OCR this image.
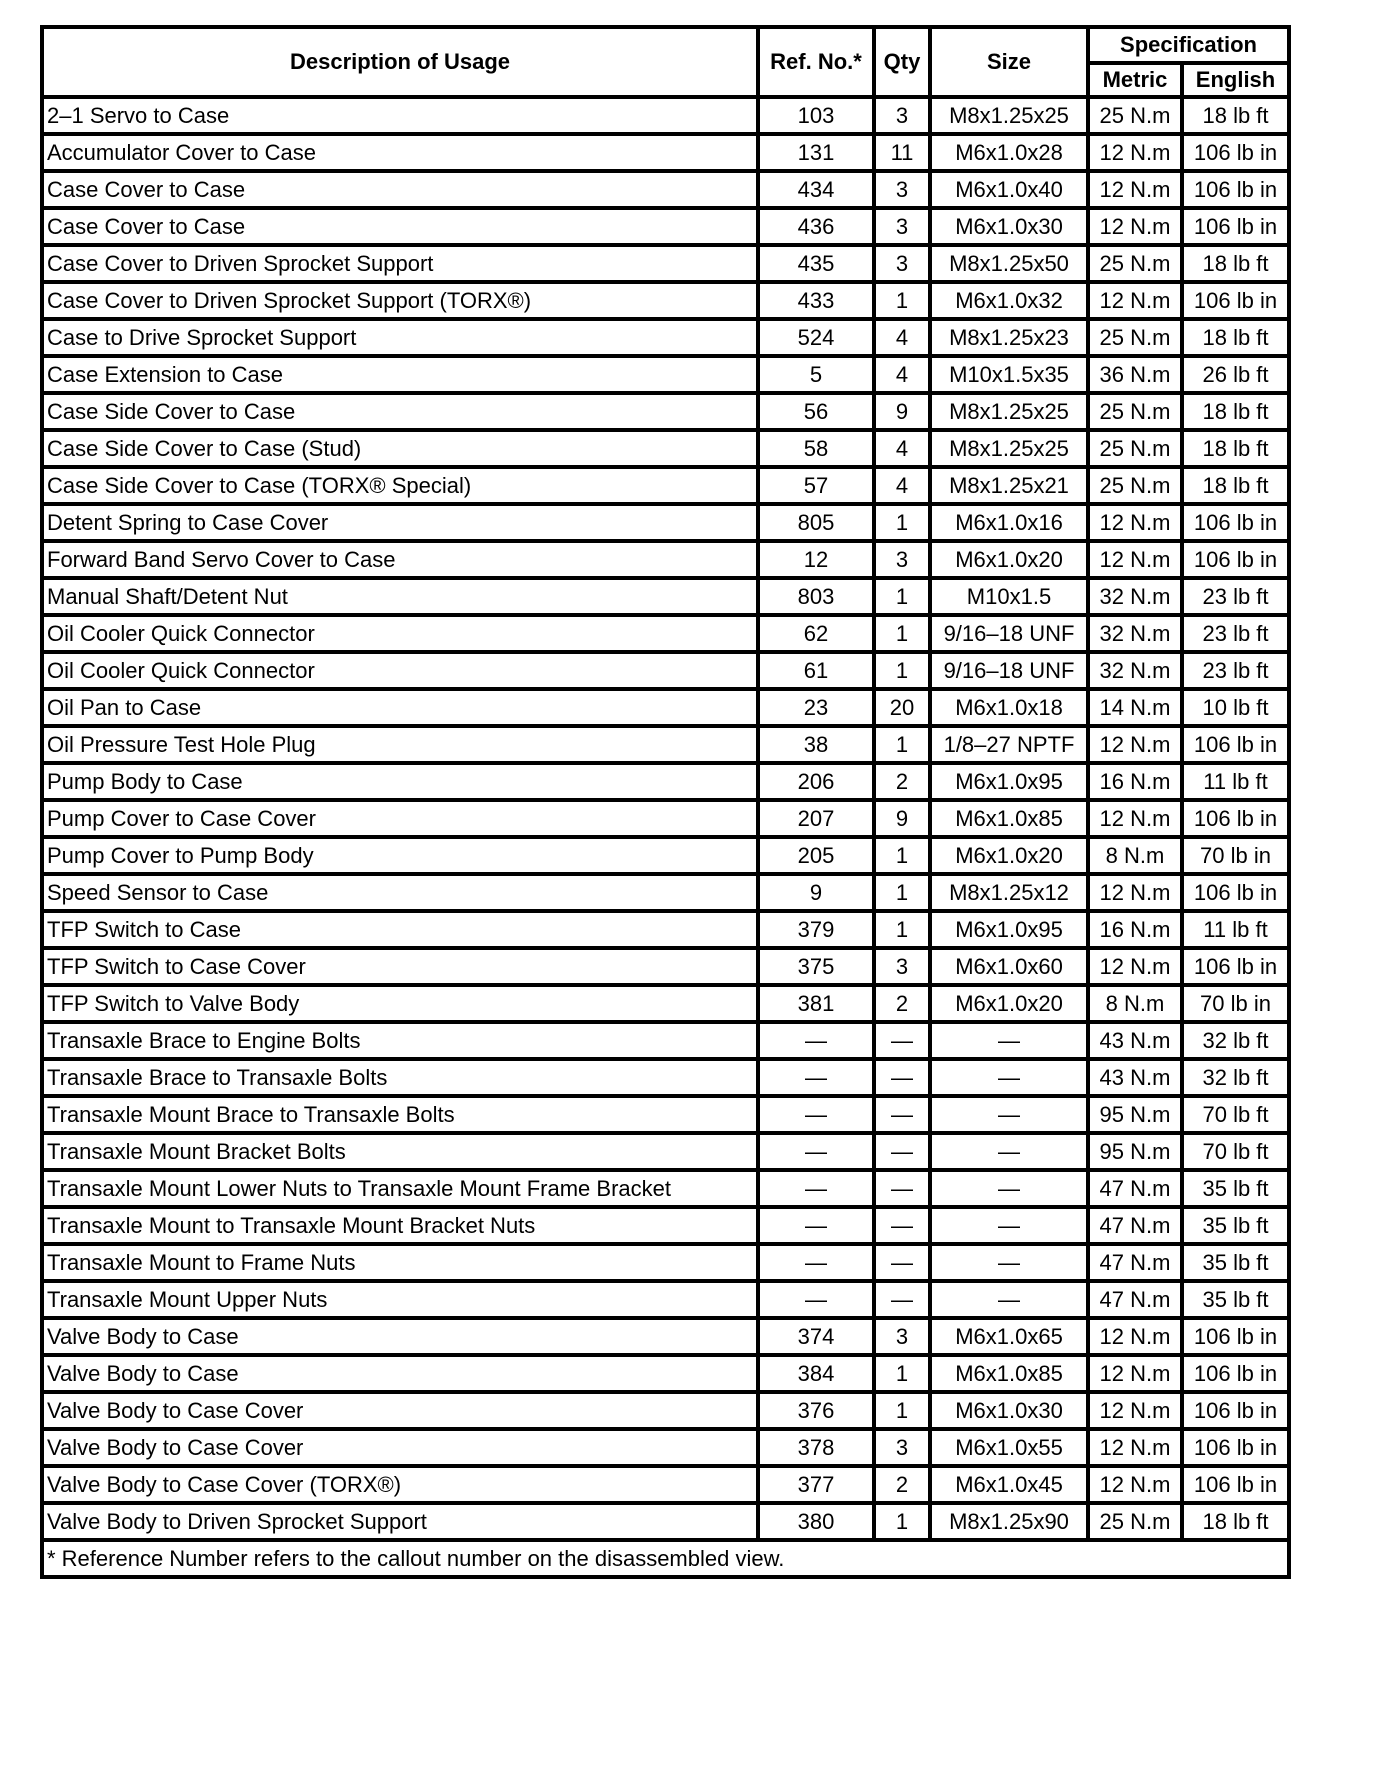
Description of Usage	Ref. No.*	Qty	Size	Specification	
				Metric	English
2–1 Servo to Case	103	3	M8x1.25x25	25 N.m	18 lb ft
Accumulator Cover to Case	131	11	M6x1.0x28	12 N.m	106 lb in
Case Cover to Case	434	3	M6x1.0x40	12 N.m	106 lb in
Case Cover to Case	436	3	M6x1.0x30	12 N.m	106 lb in
Case Cover to Driven Sprocket Support	435	3	M8x1.25x50	25 N.m	18 lb ft
Case Cover to Driven Sprocket Support (TORX®)	433	1	M6x1.0x32	12 N.m	106 lb in
Case to Drive Sprocket Support	524	4	M8x1.25x23	25 N.m	18 lb ft
Case Extension to Case	5	4	M10x1.5x35	36 N.m	26 lb ft
Case Side Cover to Case	56	9	M8x1.25x25	25 N.m	18 lb ft
Case Side Cover to Case (Stud)	58	4	M8x1.25x25	25 N.m	18 lb ft
Case Side Cover to Case (TORX® Special)	57	4	M8x1.25x21	25 N.m	18 lb ft
Detent Spring to Case Cover	805	1	M6x1.0x16	12 N.m	106 lb in
Forward Band Servo Cover to Case	12	3	M6x1.0x20	12 N.m	106 lb in
Manual Shaft/Detent Nut	803	1	M10x1.5	32 N.m	23 lb ft
Oil Cooler Quick Connector	62	1	9/16–18 UNF	32 N.m	23 lb ft
Oil Cooler Quick Connector	61	1	9/16–18 UNF	32 N.m	23 lb ft
Oil Pan to Case	23	20	M6x1.0x18	14 N.m	10 lb ft
Oil Pressure Test Hole Plug	38	1	1/8–27 NPTF	12 N.m	106 lb in
Pump Body to Case	206	2	M6x1.0x95	16 N.m	11 lb ft
Pump Cover to Case Cover	207	9	M6x1.0x85	12 N.m	106 lb in
Pump Cover to Pump Body	205	1	M6x1.0x20	8 N.m	70 lb in
Speed Sensor to Case	9	1	M8x1.25x12	12 N.m	106 lb in
TFP Switch to Case	379	1	M6x1.0x95	16 N.m	11 lb ft
TFP Switch to Case Cover	375	3	M6x1.0x60	12 N.m	106 lb in
TFP Switch to Valve Body	381	2	M6x1.0x20	8 N.m	70 lb in
Transaxle Brace to Engine Bolts	—	—	—	43 N.m	32 lb ft
Transaxle Brace to Transaxle Bolts	—	—	—	43 N.m	32 lb ft
Transaxle Mount Brace to Transaxle Bolts	—	—	—	95 N.m	70 lb ft
Transaxle Mount Bracket Bolts	—	—	—	95 N.m	70 lb ft
Transaxle Mount Lower Nuts to Transaxle Mount Frame Bracket	—	—	—	47 N.m	35 lb ft
Transaxle Mount to Transaxle Mount Bracket Nuts	—	—	—	47 N.m	35 lb ft
Transaxle Mount to Frame Nuts	—	—	—	47 N.m	35 lb ft
Transaxle Mount Upper Nuts	—	—	—	47 N.m	35 lb ft
Valve Body to Case	374	3	M6x1.0x65	12 N.m	106 lb in
Valve Body to Case	384	1	M6x1.0x85	12 N.m	106 lb in
Valve Body to Case Cover	376	1	M6x1.0x30	12 N.m	106 lb in
Valve Body to Case Cover	378	3	M6x1.0x55	12 N.m	106 lb in
Valve Body to Case Cover (TORX®)	377	2	M6x1.0x45	12 N.m	106 lb in
Valve Body to Driven Sprocket Support	380	1	M8x1.25x90	25 N.m	18 lb ft
* Reference Number refers to the callout number on the disassembled view.					
